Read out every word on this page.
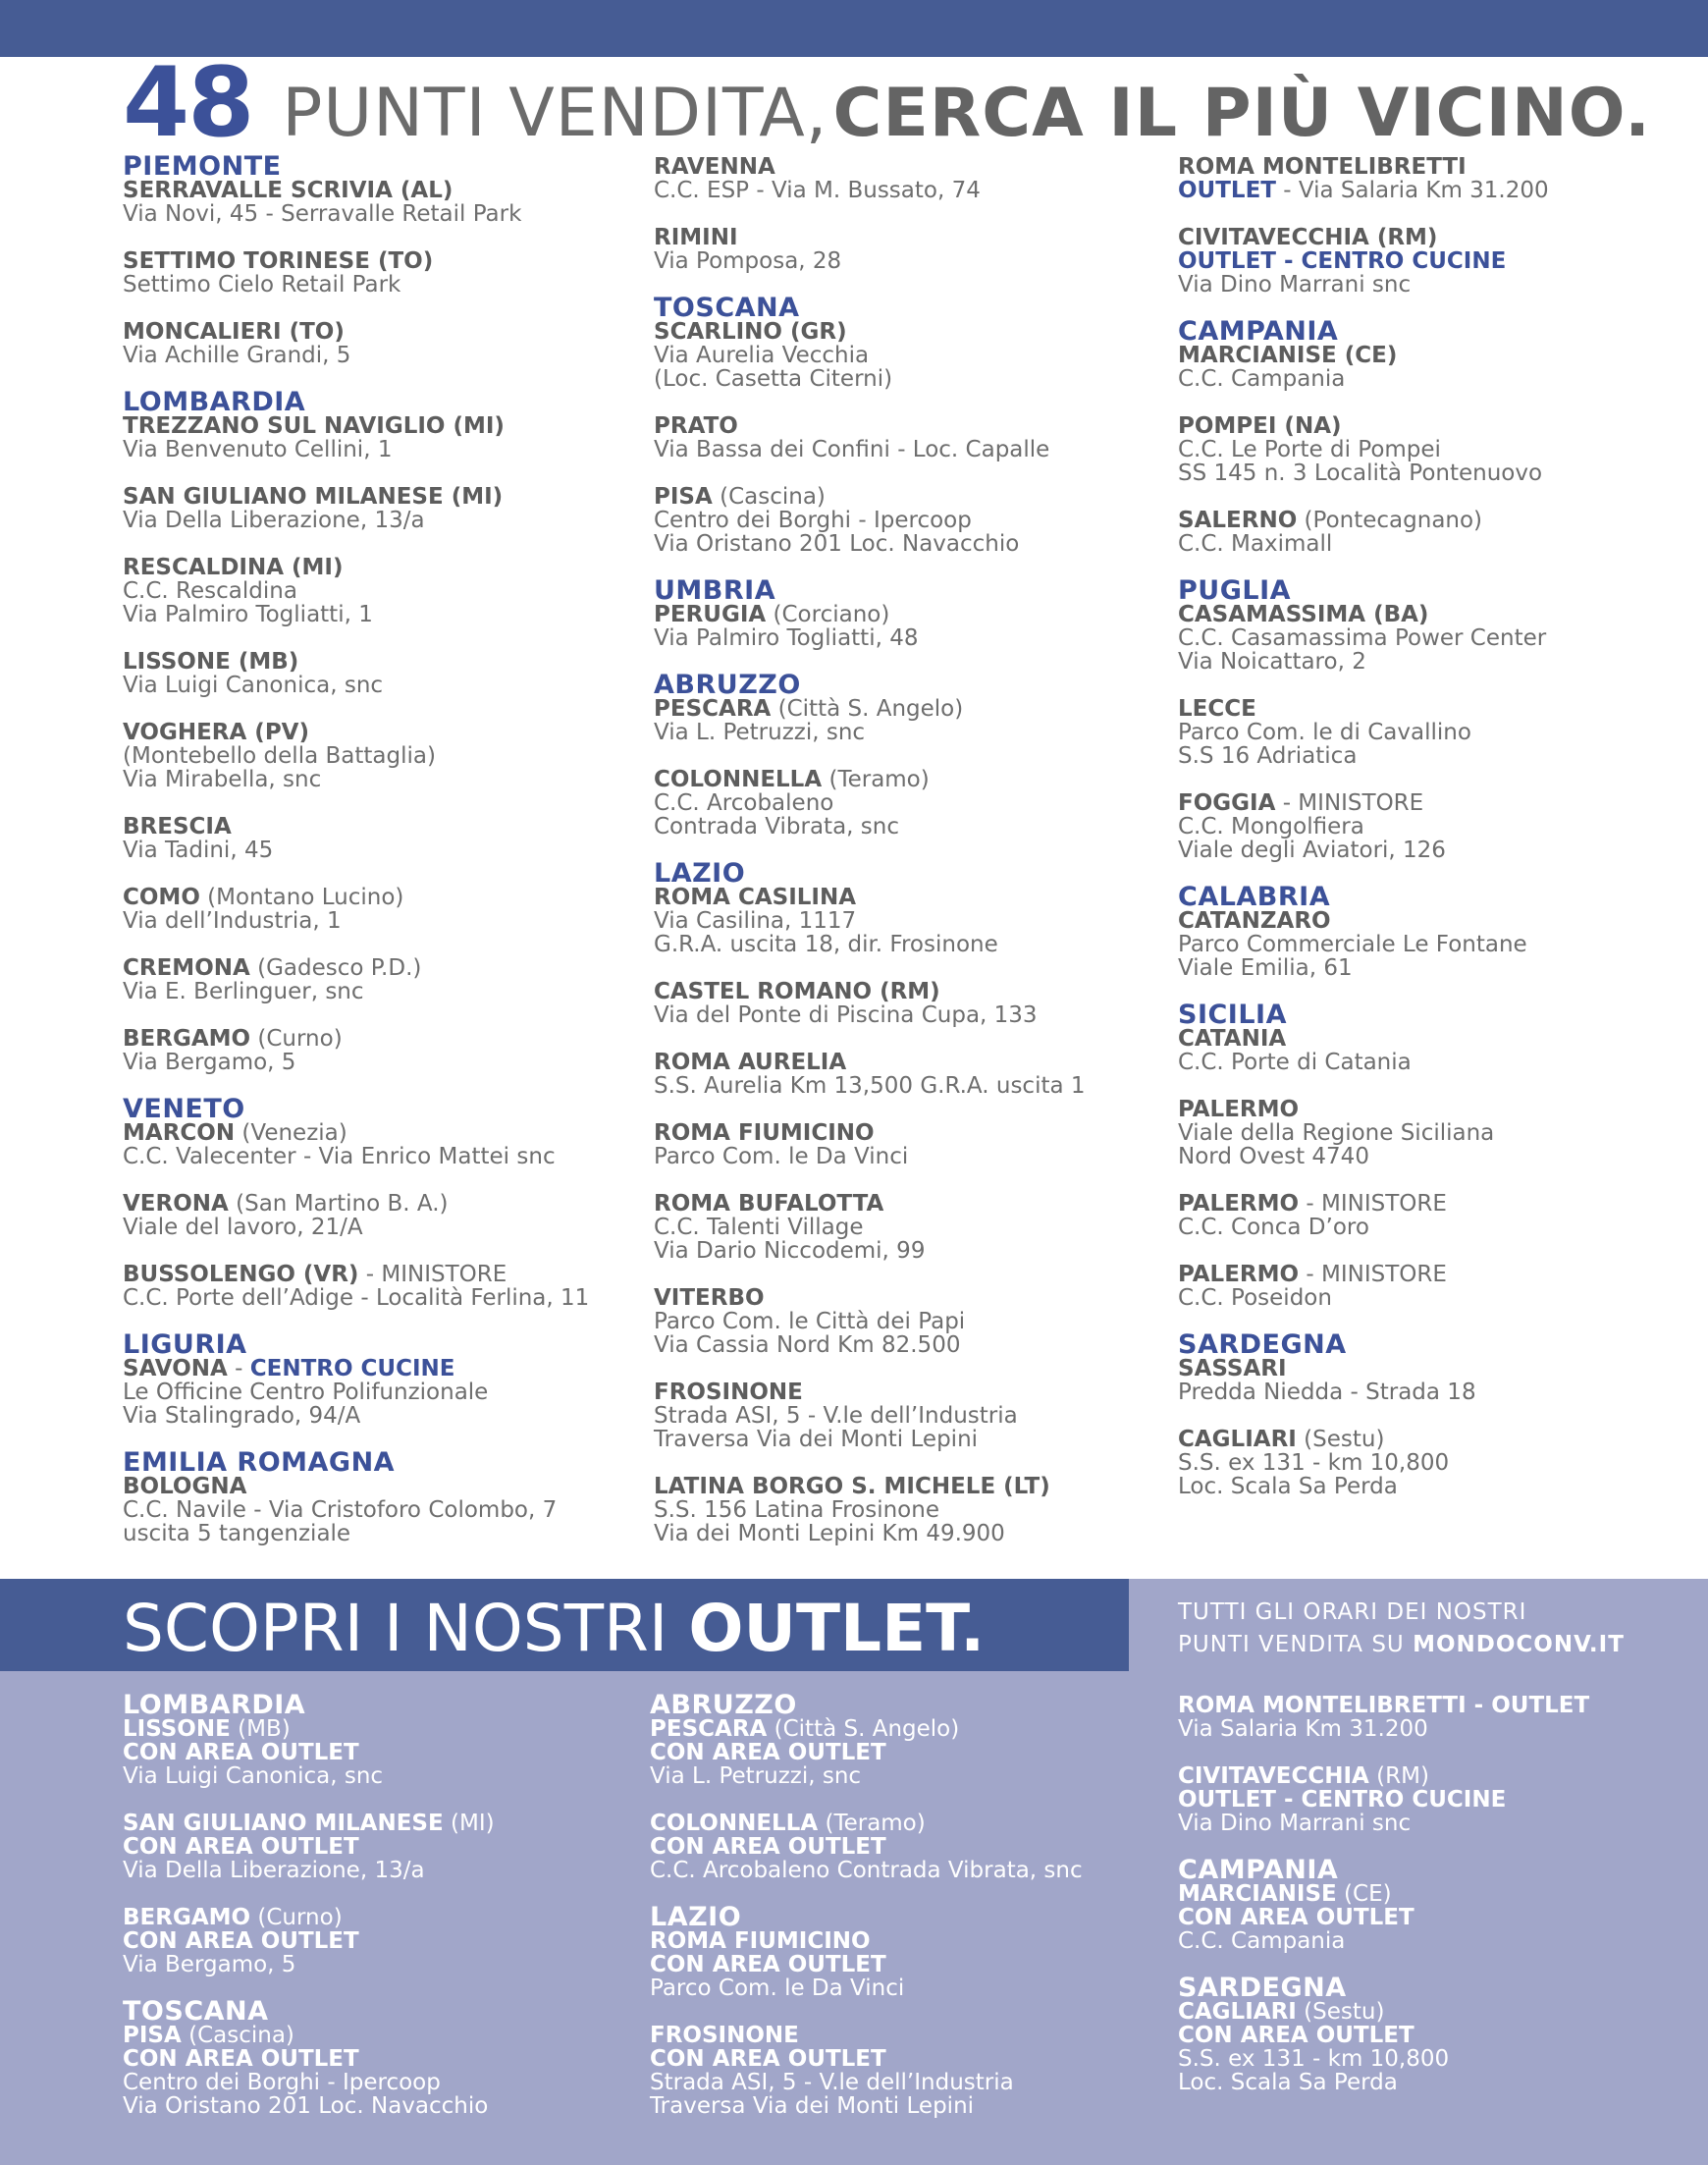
48 PUNTI VENDITA, CERCA IL PIÙ VICINO.
PIEMONTE
SERRAVALLE SCRIVIA (AL)
Via Novi, 45 - Serravalle Retail Park
SETTIMO TORINESE (TO)
Settimo Cielo Retail Park
MONCALIERI (TO)
Via Achille Grandi, 5
LOMBARDIA
TREZZANO SUL NAVIGLIO (MI)
Via Benvenuto Cellini, 1
SAN GIULIANO MILANESE (MI)
Via Della Liberazione, 13/a
RESCALDINA (MI)
C.C. Rescaldina
Via Palmiro Togliatti, 1
LISSONE (MB)
Via Luigi Canonica, snc
VOGHERA (PV)
(Montebello della Battaglia)
Via Mirabella, snc
BRESCIA
Via Tadini, 45
COMO (Montano Lucino)
Via dell’Industria, 1
CREMONA (Gadesco P.D.)
Via E. Berlinguer, snc
BERGAMO (Curno)
Via Bergamo, 5
VENETO
MARCON (Venezia)
C.C. Valecenter - Via Enrico Mattei snc
VERONA (San Martino B. A.)
Viale del lavoro, 21/A
BUSSOLENGO (VR) - MINISTORE
C.C. Porte dell’Adige - Località Ferlina, 11
LIGURIA
SAVONA - CENTRO CUCINE
Le Officine Centro Polifunzionale
Via Stalingrado, 94/A
EMILIA ROMAGNA
BOLOGNA
C.C. Navile - Via Cristoforo Colombo, 7
uscita 5 tangenziale
RAVENNA
C.C. ESP - Via M. Bussato, 74
RIMINI
Via Pomposa, 28
TOSCANA
SCARLINO (GR)
Via Aurelia Vecchia
(Loc. Casetta Citerni)
PRATO
Via Bassa dei Confini - Loc. Capalle
PISA (Cascina)
Centro dei Borghi - Ipercoop
Via Oristano 201 Loc. Navacchio
UMBRIA
PERUGIA (Corciano)
Via Palmiro Togliatti, 48
ABRUZZO
PESCARA (Città S. Angelo)
Via L. Petruzzi, snc
COLONNELLA (Teramo)
C.C. Arcobaleno
Contrada Vibrata, snc
LAZIO
ROMA CASILINA
Via Casilina, 1117
G.R.A. uscita 18, dir. Frosinone
CASTEL ROMANO (RM)
Via del Ponte di Piscina Cupa, 133
ROMA AURELIA
S.S. Aurelia Km 13,500 G.R.A. uscita 1
ROMA FIUMICINO
Parco Com. le Da Vinci
ROMA BUFALOTTA
C.C. Talenti Village
Via Dario Niccodemi, 99
VITERBO
Parco Com. le Città dei Papi
Via Cassia Nord Km 82.500
FROSINONE
Strada ASI, 5 - V.le dell’Industria
Traversa Via dei Monti Lepini
LATINA BORGO S. MICHELE (LT)
S.S. 156 Latina Frosinone
Via dei Monti Lepini Km 49.900
ROMA MONTELIBRETTI
OUTLET - Via Salaria Km 31.200
CIVITAVECCHIA (RM)
OUTLET - CENTRO CUCINE
Via Dino Marrani snc
CAMPANIA
MARCIANISE (CE)
C.C. Campania
POMPEI (NA)
C.C. Le Porte di Pompei
SS 145 n. 3 Località Pontenuovo
SALERNO (Pontecagnano)
C.C. Maximall
PUGLIA
CASAMASSIMA (BA)
C.C. Casamassima Power Center
Via Noicattaro, 2
LECCE
Parco Com. le di Cavallino
S.S 16 Adriatica
FOGGIA - MINISTORE
C.C. Mongolfiera
Viale degli Aviatori, 126
CALABRIA
CATANZARO
Parco Commerciale Le Fontane
Viale Emilia, 61
SICILIA
CATANIA
C.C. Porte di Catania
PALERMO
Viale della Regione Siciliana
Nord Ovest 4740
PALERMO - MINISTORE
C.C. Conca D’oro
PALERMO - MINISTORE
C.C. Poseidon
SARDEGNA
SASSARI
Predda Niedda - Strada 18
CAGLIARI (Sestu)
S.S. ex 131 - km 10,800
Loc. Scala Sa Perda
SCOPRI I NOSTRI OUTLET.	TUTTI GLI ORARI DEI NOSTRI
PUNTI VENDITA SU MONDOCONV.IT
LOMBARDIA
LISSONE (MB)
CON AREA OUTLET
Via Luigi Canonica, snc
SAN GIULIANO MILANESE (MI)
CON AREA OUTLET
Via Della Liberazione, 13/a
BERGAMO (Curno)
CON AREA OUTLET
Via Bergamo, 5
TOSCANA
PISA (Cascina)
CON AREA OUTLET
Centro dei Borghi - Ipercoop
Via Oristano 201 Loc. Navacchio
ABRUZZO
PESCARA (Città S. Angelo)
CON AREA OUTLET
Via L. Petruzzi, snc
COLONNELLA (Teramo)
CON AREA OUTLET
C.C. Arcobaleno Contrada Vibrata, snc
LAZIO
ROMA FIUMICINO
CON AREA OUTLET
Parco Com. le Da Vinci
FROSINONE
CON AREA OUTLET
Strada ASI, 5 - V.le dell’Industria
Traversa Via dei Monti Lepini
ROMA MONTELIBRETTI - OUTLET
Via Salaria Km 31.200
CIVITAVECCHIA (RM)
OUTLET - CENTRO CUCINE
Via Dino Marrani snc
CAMPANIA
MARCIANISE (CE)
CON AREA OUTLET
C.C. Campania
SARDEGNA
CAGLIARI (Sestu)
CON AREA OUTLET
S.S. ex 131 - km 10,800
Loc. Scala Sa Perda
